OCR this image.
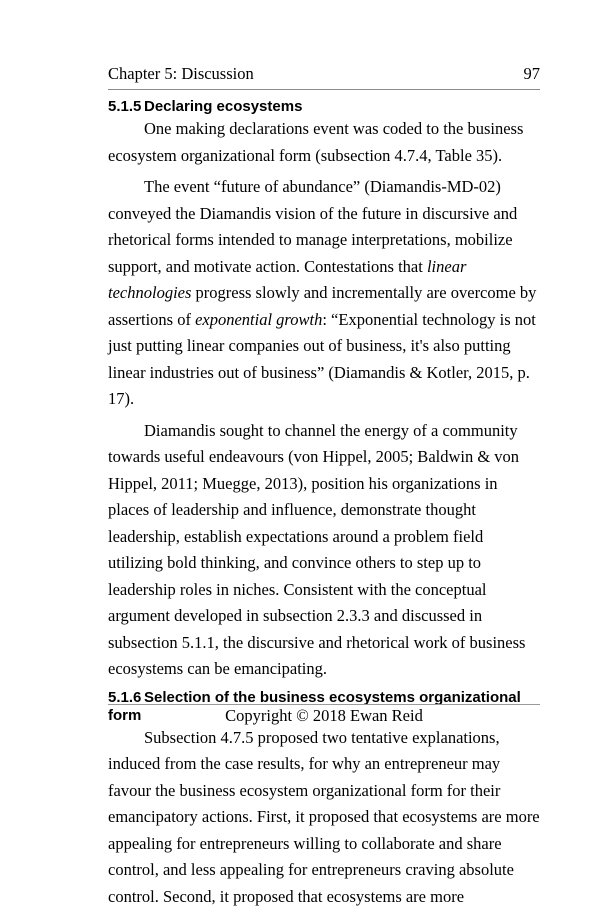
Chapter 5: Discussion	97
5.1.5 Declaring ecosystems

One making declarations event was coded to the business ecosystem organizational form (subsection 4.7.4, Table 35).

The event “future of abundance” (Diamandis-MD-02) conveyed the Diamandis vision of the future in discursive and rhetorical forms intended to manage interpretations, mobilize support, and motivate action. Contestations that linear technologies progress slowly and incrementally are overcome by assertions of exponential growth: “Exponential technology is not just putting linear companies out of business, it's also putting linear industries out of business” (Diamandis & Kotler, 2015, p. 17).

Diamandis sought to channel the energy of a community towards useful endeavours (von Hippel, 2005; Baldwin & von Hippel, 2011; Muegge, 2013), position his organizations in places of leadership and influence, demonstrate thought leadership, establish expectations around a problem field utilizing bold thinking, and convince others to step up to leadership roles in niches. Consistent with the conceptual argument developed in subsection 2.3.3 and discussed in subsection 5.1.1, the discursive and rhetorical work of business ecosystems can be emancipating.

5.1.6 Selection of the business ecosystems organizational form

Subsection 4.7.5 proposed two tentative explanations, induced from the case results, for why an entrepreneur may favour the business ecosystem organizational form for their emancipatory actions. First, it proposed that ecosystems are more appealing for entrepreneurs willing to collaborate and share control, and less appealing for entrepreneurs craving absolute control. Second, it proposed that ecosystems are more

Copyright © 2018 Ewan Reid
